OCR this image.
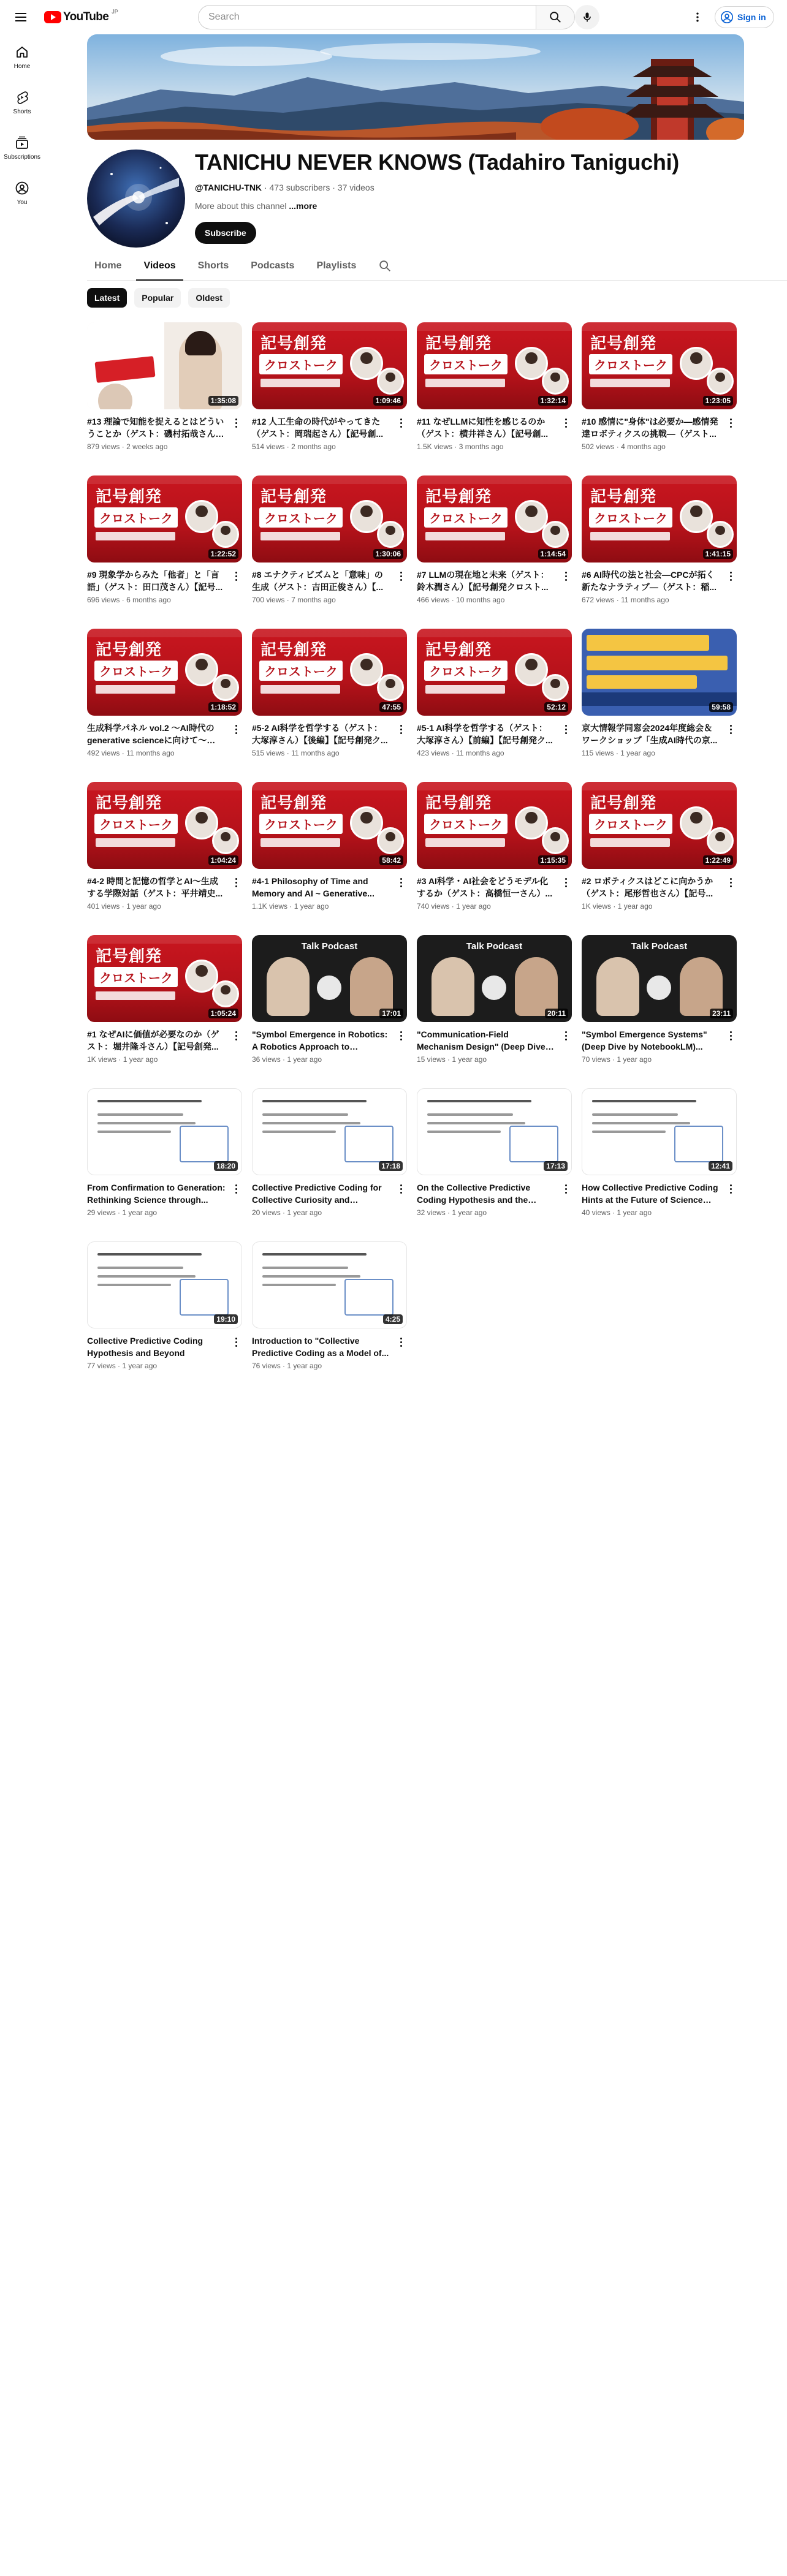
YouTube JP
Search
Sign in
Home
Shorts
Subscriptions
You
TANICHU NEVER KNOWS (Tadahiro Taniguchi)
@TANICHU-TNK · 473 subscribers · 37 videos
More about this channel ...more
Subscribe
Home	Videos	Shorts	Podcasts	Playlists
Latest	Popular	Oldest
1:35:08
#13 理論で知能を捉えるとはどういうことか（ゲスト：磯村拓哉さん）
879 views · 2 weeks ago
記号創発
クロストーク
1:09:46
#12 人工生命の時代がやってきた（ゲスト：岡瑞起さん）【記号創...
514 views · 2 months ago
記号創発
クロストーク
1:32:14
#11 なぜLLMに知性を感じるのか（ゲスト：横井祥さん）【記号創...
1.5K views · 3 months ago
記号創発
クロストーク
1:23:05
#10 感情に"身体"は必要か—感情発達ロボティクスの挑戦—（ゲスト...
502 views · 4 months ago
記号創発
クロストーク
1:22:52
#9 現象学からみた「他者」と「言語」（ゲスト：田口茂さん）【記号...
696 views · 6 months ago
記号創発
クロストーク
1:30:06
#8 エナクティビズムと「意味」の生成（ゲスト：吉田正俊さん）【...
700 views · 7 months ago
記号創発
クロストーク
1:14:54
#7 LLMの現在地と未来（ゲスト：鈴木潤さん）【記号創発クロスト...
466 views · 10 months ago
記号創発
クロストーク
1:41:15
#6 AI時代の法と社会—CPCが拓く新たなナラティブ—（ゲスト：稲...
672 views · 11 months ago
記号創発
クロストーク
1:18:52
生成科学パネル vol.2 〜AI時代の generative scienceに向けて〜
492 views · 11 months ago
記号創発
クロストーク
47:55
#5-2 AI科学を哲学する（ゲスト：大塚淳さん）【後編】【記号創発ク...
515 views · 11 months ago
記号創発
クロストーク
52:12
#5-1 AI科学を哲学する（ゲスト：大塚淳さん）【前編】【記号創発ク...
423 views · 11 months ago
59:58
京大情報学同窓会2024年度総会＆ワークショップ「生成AI時代の京...
115 views · 1 year ago
記号創発
クロストーク
1:04:24
#4-2 時間と記憶の哲学とAI〜生成する学際対話（ゲスト：平井靖史...
401 views · 1 year ago
記号創発
クロストーク
58:42
#4-1 Philosophy of Time and Memory and AI ~ Generative...
1.1K views · 1 year ago
記号創発
クロストーク
1:15:35
#3 AI科学・AI社会をどうモデル化するか（ゲスト：高橋恒一さん）...
740 views · 1 year ago
記号創発
クロストーク
1:22:49
#2 ロボティクスはどこに向かうか（ゲスト：尾形哲也さん）【記号...
1K views · 1 year ago
記号創発
クロストーク
1:05:24
#1 なぜAIに価値が必要なのか（ゲスト：堀井隆斗さん）【記号創発...
1K views · 1 year ago
Talk Podcast
17:01
"Symbol Emergence in Robotics: A Robotics Approach to
36 views · 1 year ago
Talk Podcast
20:11
"Communication-Field Mechanism Design" (Deep Dive
15 views · 1 year ago
Talk Podcast
23:11
"Symbol Emergence Systems" (Deep Dive by NotebookLM)...
70 views · 1 year ago
18:20
From Confirmation to Generation: Rethinking Science through...
29 views · 1 year ago
17:18
Collective Predictive Coding for Collective Curiosity and
20 views · 1 year ago
17:13
On the Collective Predictive Coding Hypothesis and the
32 views · 1 year ago
12:41
How Collective Predictive Coding Hints at the Future of Science
40 views · 1 year ago
19:10
Collective Predictive Coding Hypothesis and Beyond
77 views · 1 year ago
4:25
Introduction to "Collective Predictive Coding as a Model of...
76 views · 1 year ago
